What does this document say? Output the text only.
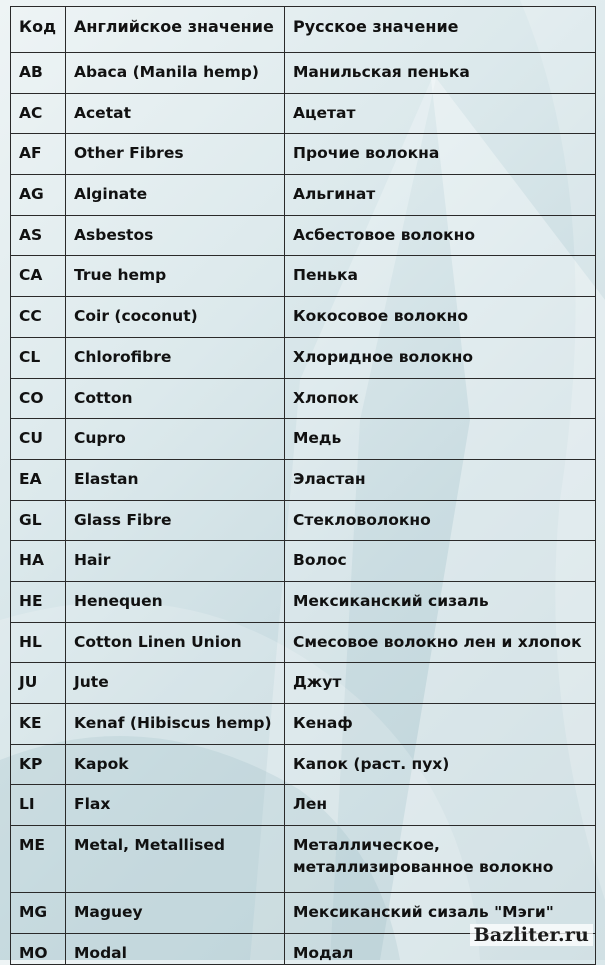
Код	Английское значение	Русское значение
AB	Abaca (Manila hemp)	Манильская пенька
AC	Acetat	Ацетат
AF	Other Fibres	Прочие волокна
AG	Alginate	Альгинат
AS	Asbestos	Асбестовое волокно
CA	True hemp	Пенька
CC	Coir (coconut)	Кокосовое волокно
CL	Chlorofibre	Хлоридное волокно
CO	Cotton	Хлопок
CU	Cupro	Медь
EA	Elastan	Эластан
GL	Glass Fibre	Стекловолокно
HA	Hair	Волос
HE	Henequen	Мексиканский сизаль
HL	Cotton Linen Union	Смесовое волокно лен и хлопок
JU	Jute	Джут
KE	Kenaf (Hibiscus hemp)	Кенаф
KP	Kapok	Капок (раст. пух)
LI	Flax	Лен
ME	Metal, Metallised	Металлическое, металлизированное волокно
MG	Maguey	Мексиканский сизаль "Мэги"
MO	Modal	Модал
Bazliter.ru
